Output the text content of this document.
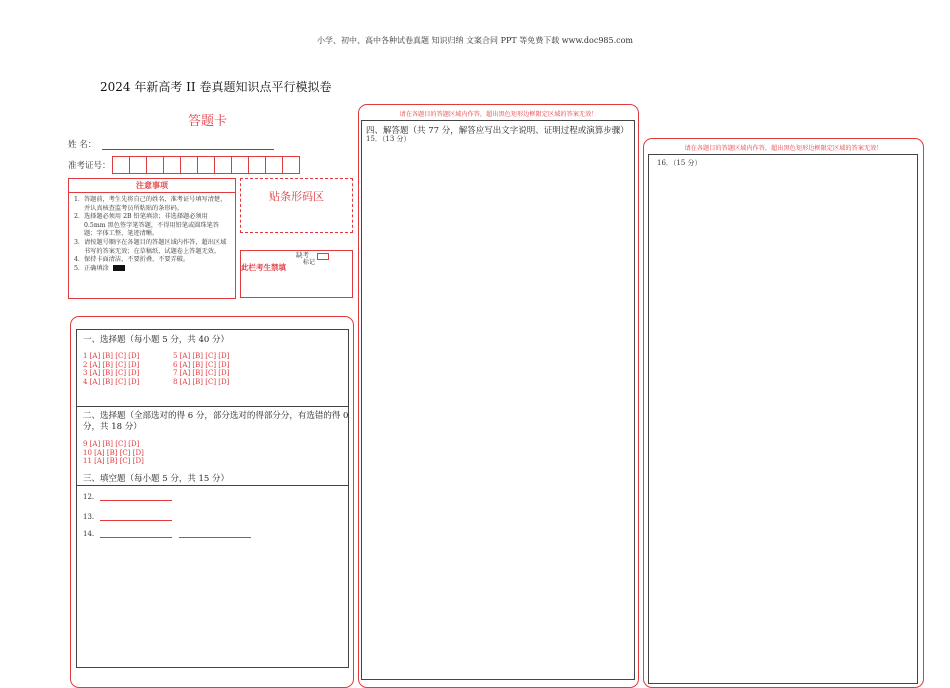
小学、初中、高中各种试卷真题 知识归纳 文案合同 PPT 等免费下载 www.doc985.com
2024 年新高考 II 卷真题知识点平行模拟卷
答题卡
姓 名：
准考证号：
注意事项
1． 答题前，考生先将自己的姓名，准考证号填写清楚，并认真核查监考员所粘贴的条形码。
2． 选择题必须用 2B 铅笔填涂；非选择题必须用 0.5mm 黑色签字笔答题，不得用铅笔或圆珠笔答题；字体工整、笔迹清晰。
3． 请按题号顺序在各题目的答题区域内作答，超出区域书写的答案无效；在草稿纸、试题卷上答题无效。
4． 保持卡面清洁，不要折叠、不要弄破。
5． 正确填涂
贴条形码区
此栏考生禁填
缺考
标记
一、选择题（每小题 5 分，共 40 分）
1 [A] [B] [C] [D]
2 [A] [B] [C] [D]
3 [A] [B] [C] [D]
4 [A] [B] [C] [D]
5 [A] [B] [C] [D]
6 [A] [B] [C] [D]
7 [A] [B] [C] [D]
8 [A] [B] [C] [D]
二、选择题（全部选对的得 6 分，部分选对的得部分分，有选错的得 0
分，共 18 分）
9 [A] [B] [C] [D]
10 [A] [B] [C] [D]
11 [A] [B] [C] [D]
三、填空题（每小题 5 分，共 15 分）
12.
13.
14.
请在各题目的答题区域内作答，超出黑色矩形边框限定区域的答案无效！
四、解答题（共 77 分，解答应写出文字说明、证明过程或演算步骤）
15．（13 分）
请在各题目的答题区域内作答，超出黑色矩形边框限定区域的答案无效！
16．（15 分）
